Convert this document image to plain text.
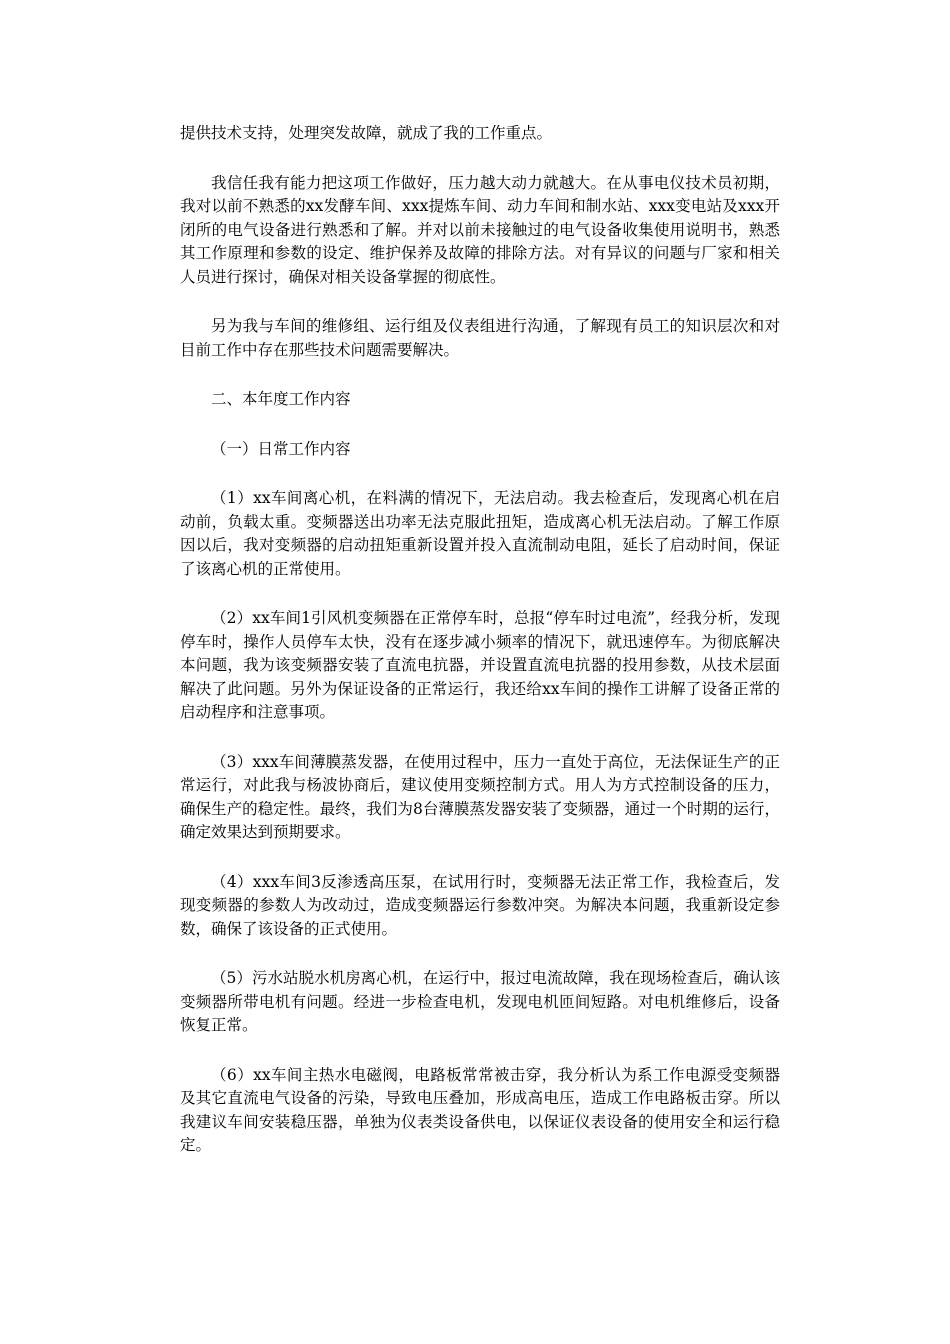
提供技术支持，处理突发故障，就成了我的工作重点。

我信任我有能力把这项工作做好，压力越大动力就越大。在从事电仪技术员初期，我对以前不熟悉的xx发酵车间、xxx提炼车间、动力车间和制水站、xxx变电站及xxx开闭所的电气设备进行熟悉和了解。并对以前未接触过的电气设备收集使用说明书，熟悉其工作原理和参数的设定、维护保养及故障的排除方法。对有异议的问题与厂家和相关人员进行探讨，确保对相关设备掌握的彻底性。

另为我与车间的维修组、运行组及仪表组进行沟通，了解现有员工的知识层次和对目前工作中存在那些技术问题需要解决。

二、本年度工作内容

（一）日常工作内容

（1）xx车间离心机，在料满的情况下，无法启动。我去检查后，发现离心机在启动前，负载太重。变频器送出功率无法克服此扭矩，造成离心机无法启动。了解工作原因以后，我对变频器的启动扭矩重新设置并投入直流制动电阻，延长了启动时间，保证了该离心机的正常使用。

（2）xx车间1引风机变频器在正常停车时，总报“停车时过电流”，经我分析，发现停车时，操作人员停车太快，没有在逐步减小频率的情况下，就迅速停车。为彻底解决本问题，我为该变频器安装了直流电抗器，并设置直流电抗器的投用参数，从技术层面解决了此问题。另外为保证设备的正常运行，我还给xx车间的操作工讲解了设备正常的启动程序和注意事项。

（3）xxx车间薄膜蒸发器，在使用过程中，压力一直处于高位，无法保证生产的正常运行，对此我与杨波协商后，建议使用变频控制方式。用人为方式控制设备的压力，确保生产的稳定性。最终，我们为8台薄膜蒸发器安装了变频器，通过一个时期的运行，确定效果达到预期要求。

（4）xxx车间3反渗透高压泵，在试用行时，变频器无法正常工作，我检查后，发现变频器的参数人为改动过，造成变频器运行参数冲突。为解决本问题，我重新设定参数，确保了该设备的正式使用。

（5）污水站脱水机房离心机，在运行中，报过电流故障，我在现场检查后，确认该变频器所带电机有问题。经进一步检查电机，发现电机匝间短路。对电机维修后，设备恢复正常。

（6）xx车间主热水电磁阀，电路板常常被击穿，我分析认为系工作电源受变频器及其它直流电气设备的污染，导致电压叠加，形成高电压，造成工作电路板击穿。所以我建议车间安装稳压器，单独为仪表类设备供电，以保证仪表设备的使用安全和运行稳定。
